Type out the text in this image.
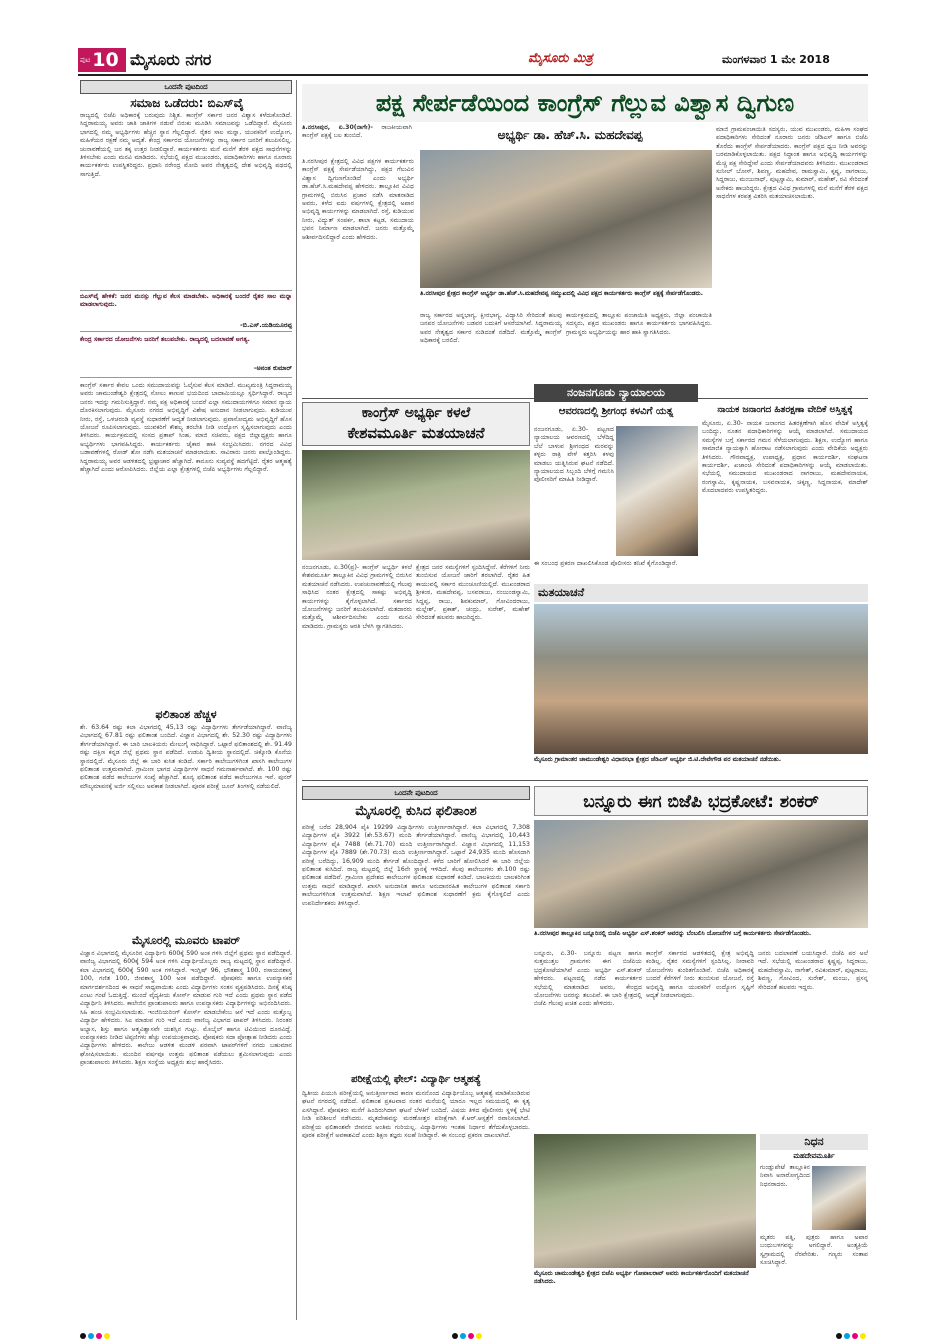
ಪುಟ 10 ಮೈಸೂರು ನಗರ	ಮೈಸೂರು ಮಿತ್ರ	ಮಂಗಳವಾರ 1 ಮೇ 2018
ಒಂದನೇ ಪುಟದಿಂದ
ಸಮಾಜ ಒಡೆದರು: ಬಿಎಸ್‌ವೈ
ರಾಜ್ಯದಲ್ಲಿ ಬಿಜೆಪಿ ಅಧಿಕಾರಕ್ಕೆ ಬರುವುದು ನಿಶ್ಚಿತ. ಕಾಂಗ್ರೆಸ್ ಸರ್ಕಾರ ಜನರ ವಿಶ್ವಾಸ ಕಳೆದುಕೊಂಡಿದೆ. ಸಿದ್ದರಾಮಯ್ಯ ಅವರು ಜಾತಿ ಜಾತಿಗಳ ನಡುವೆ ಬಿರುಕು ಮೂಡಿಸಿ ಸಮಾಜವನ್ನು ಒಡೆದಿದ್ದಾರೆ. ಮೈಸೂರು ಭಾಗದಲ್ಲಿ ನಮ್ಮ ಅಭ್ಯರ್ಥಿಗಳು ಹೆಚ್ಚಿನ ಸ್ಥಾನ ಗೆಲ್ಲಲಿದ್ದಾರೆ. ರೈತರ ಸಾಲ ಮನ್ನಾ, ಯುವಕರಿಗೆ ಉದ್ಯೋಗ, ಮಹಿಳೆಯರ ರಕ್ಷಣೆ ನಮ್ಮ ಆದ್ಯತೆ. ಕೇಂದ್ರ ಸರ್ಕಾರದ ಯೋಜನೆಗಳನ್ನು ರಾಜ್ಯ ಸರ್ಕಾರ ಜನರಿಗೆ ತಲುಪಿಸಲಿಲ್ಲ. ಚುನಾವಣೆಯಲ್ಲಿ ಜನ ತಕ್ಕ ಉತ್ತರ ನೀಡಲಿದ್ದಾರೆ. ಕಾರ್ಯಕರ್ತರು ಮನೆ ಮನೆಗೆ ತೆರಳಿ ಪಕ್ಷದ ಸಾಧನೆಗಳನ್ನು ತಿಳಿಸಬೇಕು ಎಂದು ಮನವಿ ಮಾಡಿದರು. ಸಭೆಯಲ್ಲಿ ಪಕ್ಷದ ಮುಖಂಡರು, ಪದಾಧಿಕಾರಿಗಳು ಹಾಗೂ ನೂರಾರು ಕಾರ್ಯಕರ್ತರು ಉಪಸ್ಥಿತರಿದ್ದರು. ಪ್ರಧಾನಿ ನರೇಂದ್ರ ಮೋದಿ ಅವರ ನೇತೃತ್ವದಲ್ಲಿ ದೇಶ ಅಭಿವೃದ್ಧಿ ಪಥದಲ್ಲಿ ಸಾಗುತ್ತಿದೆ.
ಬಿಎಸ್‌ವೈ ಹೇಳಿಕೆ: ಜನರ ಮನಸ್ಸು ಗೆಲ್ಲುವ ಕೆಲಸ ಮಾಡಬೇಕು. ಅಧಿಕಾರಕ್ಕೆ ಬಂದರೆ ರೈತರ ಸಾಲ ಮನ್ನಾ ಮಾಡಲಾಗುವುದು.
-ಬಿ.ಎಸ್.ಯಡಿಯೂರಪ್ಪ
ಕೇಂದ್ರ ಸರ್ಕಾರದ ಯೋಜನೆಗಳು ಜನರಿಗೆ ತಲುಪಬೇಕು. ರಾಜ್ಯದಲ್ಲಿ ಬದಲಾವಣೆ ಅಗತ್ಯ.
-ಅನಂತ ಕುಮಾರ್
ಕಾಂಗ್ರೆಸ್ ಸರ್ಕಾರ ಕೇವಲ ಒಂದು ಸಮುದಾಯವನ್ನು ಓಲೈಸುವ ಕೆಲಸ ಮಾಡಿದೆ. ಮುಖ್ಯಮಂತ್ರಿ ಸಿದ್ದರಾಮಯ್ಯ ಅವರು ಚಾಮುಂಡೇಶ್ವರಿ ಕ್ಷೇತ್ರದಲ್ಲಿ ಸೋಲು ಕಾಣುವ ಭಯದಿಂದ ಬಾದಾಮಿಯಲ್ಲೂ ಸ್ಪರ್ಧಿಸಿದ್ದಾರೆ. ರಾಜ್ಯದ ಜನರು ಇದನ್ನು ಗಮನಿಸುತ್ತಿದ್ದಾರೆ. ನಮ್ಮ ಪಕ್ಷ ಅಧಿಕಾರಕ್ಕೆ ಬಂದರೆ ಎಲ್ಲಾ ಸಮುದಾಯಗಳಿಗೂ ಸಮಾನ ನ್ಯಾಯ ದೊರಕಿಸಲಾಗುವುದು. ಮೈಸೂರು ನಗರದ ಅಭಿವೃದ್ಧಿಗೆ ವಿಶೇಷ ಅನುದಾನ ನೀಡಲಾಗುವುದು. ಕುಡಿಯುವ ನೀರು, ರಸ್ತೆ, ಒಳಚರಂಡಿ ವ್ಯವಸ್ಥೆ ಸುಧಾರಣೆಗೆ ಆದ್ಯತೆ ನೀಡಲಾಗುವುದು. ಪ್ರವಾಸೋದ್ಯಮ ಅಭಿವೃದ್ಧಿಗೆ ಹೊಸ ಯೋಜನೆ ರೂಪಿಸಲಾಗುವುದು. ಯುವಕರಿಗೆ ಕೌಶಲ್ಯ ತರಬೇತಿ ನೀಡಿ ಉದ್ಯೋಗ ಸೃಷ್ಟಿಸಲಾಗುವುದು ಎಂದು ತಿಳಿಸಿದರು. ಕಾರ್ಯಕ್ರಮದಲ್ಲಿ ಸಂಸದ ಪ್ರತಾಪ್ ಸಿಂಹ, ಮಾಜಿ ಸಚಿವರು, ಪಕ್ಷದ ಜಿಲ್ಲಾಧ್ಯಕ್ಷರು ಹಾಗೂ ಅಭ್ಯರ್ಥಿಗಳು ಭಾಗವಹಿಸಿದ್ದರು. ಕಾರ್ಯಕರ್ತರು ಜೈಕಾರ ಹಾಕಿ ಸಂಭ್ರಮಿಸಿದರು. ನಗರದ ವಿವಿಧ ಬಡಾವಣೆಗಳಲ್ಲಿ ರೋಡ್ ಶೋ ನಡೆಸಿ ಮತಯಾಚನೆ ಮಾಡಲಾಯಿತು. ಸಾವಿರಾರು ಜನರು ಪಾಲ್ಗೊಂಡಿದ್ದರು. ಸಿದ್ದರಾಮಯ್ಯ ಅವರ ಆಡಳಿತದಲ್ಲಿ ಭ್ರಷ್ಟಾಚಾರ ಹೆಚ್ಚಾಗಿದೆ. ಕಾನೂನು ಸುವ್ಯವಸ್ಥೆ ಹದಗೆಟ್ಟಿದೆ. ರೈತರ ಆತ್ಮಹತ್ಯೆ ಹೆಚ್ಚಾಗಿದೆ ಎಂದು ಆರೋಪಿಸಿದರು. ಜಿಲ್ಲೆಯ ಎಲ್ಲಾ ಕ್ಷೇತ್ರಗಳಲ್ಲಿ ಬಿಜೆಪಿ ಅಭ್ಯರ್ಥಿಗಳು ಗೆಲ್ಲಲಿದ್ದಾರೆ.
ಫಲಿತಾಂಶ ಹೆಚ್ಚಳ
ಶೇ. 63.64 ರಷ್ಟು ಕಲಾ ವಿಭಾಗದಲ್ಲಿ 45,13 ರಷ್ಟು ವಿದ್ಯಾರ್ಥಿಗಳು ತೇರ್ಗಡೆಯಾಗಿದ್ದಾರೆ. ವಾಣಿಜ್ಯ ವಿಭಾಗದಲ್ಲಿ 67.81 ರಷ್ಟು ಫಲಿತಾಂಶ ಬಂದಿದೆ. ವಿಜ್ಞಾನ ವಿಭಾಗದಲ್ಲಿ ಶೇ. 52.30 ರಷ್ಟು ವಿದ್ಯಾರ್ಥಿಗಳು ತೇರ್ಗಡೆಯಾಗಿದ್ದಾರೆ. ಈ ಬಾರಿ ಬಾಲಕಿಯರು ಮೇಲುಗೈ ಸಾಧಿಸಿದ್ದಾರೆ. ಒಟ್ಟಾರೆ ಫಲಿತಾಂಶದಲ್ಲಿ ಶೇ. 91.49 ರಷ್ಟು ದಕ್ಷಿಣ ಕನ್ನಡ ಜಿಲ್ಲೆ ಪ್ರಥಮ ಸ್ಥಾನ ಪಡೆದಿದೆ. ಉಡುಪಿ ದ್ವಿತೀಯ ಸ್ಥಾನದಲ್ಲಿದೆ. ಚಿಕ್ಕೋಡಿ ಕೊನೆಯ ಸ್ಥಾನದಲ್ಲಿದೆ. ಮೈಸೂರು ಜಿಲ್ಲೆ ಈ ಬಾರಿ ಕುಸಿತ ಕಂಡಿದೆ. ಸರ್ಕಾರಿ ಕಾಲೇಜುಗಳಿಗಿಂತ ಖಾಸಗಿ ಕಾಲೇಜುಗಳ ಫಲಿತಾಂಶ ಉತ್ತಮವಾಗಿದೆ. ಗ್ರಾಮೀಣ ಭಾಗದ ವಿದ್ಯಾರ್ಥಿಗಳ ಸಾಧನೆ ಗಮನಾರ್ಹವಾಗಿದೆ. ಶೇ. 100 ರಷ್ಟು ಫಲಿತಾಂಶ ಪಡೆದ ಕಾಲೇಜುಗಳ ಸಂಖ್ಯೆ ಹೆಚ್ಚಾಗಿದೆ. ಶೂನ್ಯ ಫಲಿತಾಂಶ ಪಡೆದ ಕಾಲೇಜುಗಳೂ ಇವೆ. ಪುನರ್ ಮೌಲ್ಯಮಾಪನಕ್ಕೆ ಅರ್ಜಿ ಸಲ್ಲಿಸಲು ಅವಕಾಶ ನೀಡಲಾಗಿದೆ. ಪೂರಕ ಪರೀಕ್ಷೆ ಜೂನ್ ತಿಂಗಳಲ್ಲಿ ನಡೆಯಲಿದೆ.
ಮೈಸೂರಲ್ಲಿ ಮೂವರು ಟಾಪರ್
ವಿಜ್ಞಾನ ವಿಭಾಗದಲ್ಲಿ ಮೈಸೂರಿನ ವಿದ್ಯಾರ್ಥಿನಿ 600ಕ್ಕೆ 590 ಅಂಕ ಗಳಿಸಿ ಜಿಲ್ಲೆಗೆ ಪ್ರಥಮ ಸ್ಥಾನ ಪಡೆದಿದ್ದಾರೆ. ವಾಣಿಜ್ಯ ವಿಭಾಗದಲ್ಲಿ 600ಕ್ಕೆ 594 ಅಂಕ ಗಳಿಸಿ ವಿದ್ಯಾರ್ಥಿಯೊಬ್ಬರು ರಾಜ್ಯ ಮಟ್ಟದಲ್ಲಿ ಸ್ಥಾನ ಪಡೆದಿದ್ದಾರೆ. ಕಲಾ ವಿಭಾಗದಲ್ಲಿ 600ಕ್ಕೆ 590 ಅಂಕ ಗಳಿಸಿದ್ದಾರೆ. ಇಂಗ್ಲಿಷ್ 96, ಭೌತಶಾಸ್ತ್ರ 100, ರಸಾಯನಶಾಸ್ತ್ರ 100, ಗಣಿತ 100, ಜೀವಶಾಸ್ತ್ರ 100 ಅಂಕ ಪಡೆದಿದ್ದಾರೆ. ಪೋಷಕರು ಹಾಗೂ ಉಪನ್ಯಾಸಕರ ಮಾರ್ಗದರ್ಶನದಿಂದ ಈ ಸಾಧನೆ ಸಾಧ್ಯವಾಯಿತು ಎಂದು ವಿದ್ಯಾರ್ಥಿಗಳು ಸಂತಸ ವ್ಯಕ್ತಪಡಿಸಿದರು. ದಿನಕ್ಕೆ ಕನಿಷ್ಠ ಎಂಟು ಗಂಟೆ ಓದುತ್ತಿದ್ದೆ. ಮುಂದೆ ವೈದ್ಯಕೀಯ ಕೋರ್ಸ್ ಮಾಡುವ ಗುರಿ ಇದೆ ಎಂದು ಪ್ರಥಮ ಸ್ಥಾನ ಪಡೆದ ವಿದ್ಯಾರ್ಥಿನಿ ತಿಳಿಸಿದರು. ಕಾಲೇಜಿನ ಪ್ರಾಂಶುಪಾಲರು ಹಾಗೂ ಉಪನ್ಯಾಸಕರು ವಿದ್ಯಾರ್ಥಿಗಳನ್ನು ಅಭಿನಂದಿಸಿದರು. ಸಿಹಿ ಹಂಚಿ ಸಂಭ್ರಮಿಸಲಾಯಿತು. ಇಂಜಿನಿಯರಿಂಗ್ ಕೋರ್ಸ್ ಮಾಡಬೇಕೆಂಬ ಆಸೆ ಇದೆ ಎಂದು ಮತ್ತೊಬ್ಬ ವಿದ್ಯಾರ್ಥಿ ಹೇಳಿದರು. ಸಿಎ ಮಾಡುವ ಗುರಿ ಇದೆ ಎಂದು ವಾಣಿಜ್ಯ ವಿಭಾಗದ ಟಾಪರ್ ತಿಳಿಸಿದರು. ನಿರಂತರ ಅಭ್ಯಾಸ, ಶಿಸ್ತು ಹಾಗೂ ಆತ್ಮವಿಶ್ವಾಸವೇ ಯಶಸ್ಸಿನ ಗುಟ್ಟು. ಮೊಬೈಲ್ ಹಾಗೂ ಟಿವಿಯಿಂದ ದೂರವಿದ್ದೆ. ಉಪನ್ಯಾಸಕರು ನೀಡಿದ ಟಿಪ್ಪಣಿಗಳು ಹೆಚ್ಚು ಉಪಯುಕ್ತವಾದವು. ಪೋಷಕರು ಸದಾ ಪ್ರೋತ್ಸಾಹ ನೀಡಿದರು ಎಂದು ವಿದ್ಯಾರ್ಥಿಗಳು ಹೇಳಿದರು. ಕಾಲೇಜು ಆಡಳಿತ ಮಂಡಳಿ ಪರವಾಗಿ ಟಾಪರ್‌ಗಳಿಗೆ ನಗದು ಬಹುಮಾನ ಘೋಷಿಸಲಾಯಿತು. ಮುಂದಿನ ವರ್ಷವೂ ಉತ್ತಮ ಫಲಿತಾಂಶ ಪಡೆಯಲು ಶ್ರಮಿಸಲಾಗುವುದು ಎಂದು ಪ್ರಾಂಶುಪಾಲರು ತಿಳಿಸಿದರು. ಶಿಕ್ಷಣ ಸಂಸ್ಥೆಯ ಅಧ್ಯಕ್ಷರು ಶುಭ ಹಾರೈಸಿದರು.
ಪಕ್ಷ ಸೇರ್ಪಡೆಯಿಂದ ಕಾಂಗ್ರೆಸ್ ಗೆಲ್ಲುವ ವಿಶ್ವಾಸ ದ್ವಿಗುಣ
ತಿ.ನರಸೀಪುರ, ಏ.30(ನಾಗೇ)- ರಾಜಕೀಯವಾಗಿ ಕಾಂಗ್ರೆಸ್ ಪಕ್ಷಕ್ಕೆ ಬಲ ತುಂಬಿದೆ.	ಅಭ್ಯರ್ಥಿ ಡಾ. ಹೆಚ್.ಸಿ. ಮಹದೇವಪ್ಪ
ತಿ.ನರಸೀಪುರ ಕ್ಷೇತ್ರದ ಕಾಂಗ್ರೆಸ್ ಅಭ್ಯರ್ಥಿ ಡಾ.ಹೆಚ್.ಸಿ.ಮಹದೇವಪ್ಪ ಸಮ್ಮುಖದಲ್ಲಿ ವಿವಿಧ ಪಕ್ಷದ ಕಾರ್ಯಕರ್ತರು ಕಾಂಗ್ರೆಸ್ ಪಕ್ಷಕ್ಕೆ ಸೇರ್ಪಡೆಗೊಂಡರು.
ತಿ.ನರಸೀಪುರ ಕ್ಷೇತ್ರದಲ್ಲಿ ವಿವಿಧ ಪಕ್ಷಗಳ ಕಾರ್ಯಕರ್ತರು ಕಾಂಗ್ರೆಸ್ ಪಕ್ಷಕ್ಕೆ ಸೇರ್ಪಡೆಯಾಗಿದ್ದು, ಪಕ್ಷದ ಗೆಲುವಿನ ವಿಶ್ವಾಸ ದ್ವಿಗುಣಗೊಂಡಿದೆ ಎಂದು ಅಭ್ಯರ್ಥಿ ಡಾ.ಹೆಚ್.ಸಿ.ಮಹದೇವಪ್ಪ ಹೇಳಿದರು. ತಾಲ್ಲೂಕಿನ ವಿವಿಧ ಗ್ರಾಮಗಳಲ್ಲಿ ಬಿರುಸಿನ ಪ್ರಚಾರ ನಡೆಸಿ ಮಾತನಾಡಿದ ಅವರು, ಕಳೆದ ಐದು ವರ್ಷಗಳಲ್ಲಿ ಕ್ಷೇತ್ರದಲ್ಲಿ ಅಪಾರ ಅಭಿವೃದ್ಧಿ ಕಾರ್ಯಗಳನ್ನು ಮಾಡಲಾಗಿದೆ. ರಸ್ತೆ, ಕುಡಿಯುವ ನೀರು, ವಿದ್ಯುತ್ ಸಂಪರ್ಕ, ಶಾಲಾ ಕಟ್ಟಡ, ಸಮುದಾಯ ಭವನ ನಿರ್ಮಾಣ ಮಾಡಲಾಗಿದೆ. ಜನರು ಮತ್ತೊಮ್ಮೆ ಆಶೀರ್ವದಿಸಲಿದ್ದಾರೆ ಎಂದು ಹೇಳಿದರು.
ರಾಜ್ಯ ಸರ್ಕಾರದ ಅನ್ನಭಾಗ್ಯ, ಕ್ಷೀರಭಾಗ್ಯ, ವಿದ್ಯಾಸಿರಿ ಸೇರಿದಂತೆ ಹಲವು ಜನಪರ ಯೋಜನೆಗಳು ಬಡವರ ಬದುಕಿಗೆ ಆಸರೆಯಾಗಿವೆ. ಸಿದ್ದರಾಮಯ್ಯ ಅವರ ನೇತೃತ್ವದ ಸರ್ಕಾರ ನುಡಿದಂತೆ ನಡೆದಿದೆ. ಮತ್ತೊಮ್ಮೆ ಕಾಂಗ್ರೆಸ್ ಅಧಿಕಾರಕ್ಕೆ ಬರಲಿದೆ.
ಕಾರ್ಯಕ್ರಮದಲ್ಲಿ ತಾಲ್ಲೂಕು ಪಂಚಾಯಿತಿ ಅಧ್ಯಕ್ಷರು, ಜಿಲ್ಲಾ ಪಂಚಾಯಿತಿ ಸದಸ್ಯರು, ಪಕ್ಷದ ಮುಖಂಡರು ಹಾಗೂ ಕಾರ್ಯಕರ್ತರು ಭಾಗವಹಿಸಿದ್ದರು. ಗ್ರಾಮಸ್ಥರು ಅಭ್ಯರ್ಥಿಯನ್ನು ಹಾರ ಹಾಕಿ ಸ್ವಾಗತಿಸಿದರು.
ಮಾಜಿ ಗ್ರಾಮಪಂಚಾಯಿತಿ ಸದಸ್ಯರು, ಯುವ ಮುಖಂಡರು, ಮಹಿಳಾ ಸಂಘದ ಪದಾಧಿಕಾರಿಗಳು ಸೇರಿದಂತೆ ನೂರಾರು ಜನರು ಜೆಡಿಎಸ್ ಹಾಗೂ ಬಿಜೆಪಿ ತೊರೆದು ಕಾಂಗ್ರೆಸ್ ಸೇರ್ಪಡೆಯಾದರು. ಕಾಂಗ್ರೆಸ್ ಪಕ್ಷದ ಧ್ವಜ ನೀಡಿ ಅವರನ್ನು ಬರಮಾಡಿಕೊಳ್ಳಲಾಯಿತು. ಪಕ್ಷದ ಸಿದ್ಧಾಂತ ಹಾಗೂ ಅಭಿವೃದ್ಧಿ ಕಾರ್ಯಗಳನ್ನು ಮೆಚ್ಚಿ ಪಕ್ಷ ಸೇರಿದ್ದೇವೆ ಎಂದು ಸೇರ್ಪಡೆಯಾದವರು ತಿಳಿಸಿದರು. ಮುಖಂಡರಾದ ಸುನೀಲ್ ಬೋಸ್, ಶಿವಣ್ಣ, ಮಹದೇವ, ರಾಮಸ್ವಾಮಿ, ಕೃಷ್ಣ, ನಾಗರಾಜು, ಸಿದ್ದರಾಜು, ಮಂಜುನಾಥ್, ಪುಟ್ಟಸ್ವಾಮಿ, ಕುಮಾರ್, ಮಹೇಶ್, ರವಿ ಸೇರಿದಂತೆ ಅನೇಕರು ಹಾಜರಿದ್ದರು. ಕ್ಷೇತ್ರದ ವಿವಿಧ ಗ್ರಾಮಗಳಲ್ಲಿ ಮನೆ ಮನೆಗೆ ತೆರಳಿ ಪಕ್ಷದ ಸಾಧನೆಗಳ ಕರಪತ್ರ ವಿತರಿಸಿ ಮತಯಾಚಿಸಲಾಯಿತು.
ಕಾಂಗ್ರೆಸ್ ಅಭ್ಯರ್ಥಿ ಕಳಲೆ
ಕೇಶವಮೂರ್ತಿ ಮತಯಾಚನೆ
ನಂಜನಗೂಡು, ಏ.30(ಪ್ರ)- ಕಾಂಗ್ರೆಸ್ ಅಭ್ಯರ್ಥಿ ಕಳಲೆ ಕೇಶವಮೂರ್ತಿ ತಾಲ್ಲೂಕಿನ ವಿವಿಧ ಗ್ರಾಮಗಳಲ್ಲಿ ಬಿರುಸಿನ ಮತಯಾಚನೆ ನಡೆಸಿದರು. ಉಪಚುನಾವಣೆಯಲ್ಲಿ ಗೆಲುವು ಸಾಧಿಸಿದ ನಂತರ ಕ್ಷೇತ್ರದಲ್ಲಿ ಸಾಕಷ್ಟು ಅಭಿವೃದ್ಧಿ ಕಾರ್ಯಗಳನ್ನು ಕೈಗೊಳ್ಳಲಾಗಿದೆ. ಸರ್ಕಾರದ ಯೋಜನೆಗಳನ್ನು ಜನರಿಗೆ ತಲುಪಿಸಲಾಗಿದೆ. ಮತದಾರರು ಮತ್ತೊಮ್ಮೆ ಆಶೀರ್ವದಿಸಬೇಕು ಎಂದು ಮನವಿ ಮಾಡಿದರು. ಗ್ರಾಮಸ್ಥರು ಆರತಿ ಬೆಳಗಿ ಸ್ವಾಗತಿಸಿದರು.
ಕ್ಷೇತ್ರದ ಜನರ ಸಮಸ್ಯೆಗಳಿಗೆ ಸ್ಪಂದಿಸಿದ್ದೇನೆ. ಕೆರೆಗಳಿಗೆ ನೀರು ತುಂಬಿಸುವ ಯೋಜನೆ ಜಾರಿಗೆ ತರಲಾಗಿದೆ. ರೈತರ ಹಿತ ಕಾಯುವಲ್ಲಿ ಸರ್ಕಾರ ಮುಂಚೂಣಿಯಲ್ಲಿದೆ. ಮುಖಂಡರಾದ ಶ್ರೀಕಂಠ, ಮಹದೇವಪ್ಪ, ಬಸವರಾಜು, ನಂಜುಂಡಸ್ವಾಮಿ, ಸಿದ್ದಪ್ಪ, ರಾಜು, ಶಿವಕುಮಾರ್, ಗೋವಿಂದರಾಜು, ಮಲ್ಲೇಶ್, ಪ್ರಕಾಶ್, ಚಂದ್ರು, ಸುರೇಶ್, ಮಹೇಶ್ ಸೇರಿದಂತೆ ಹಲವರು ಹಾಜರಿದ್ದರು.
ನಂಜನಗೂಡು ನ್ಯಾಯಾಲಯ
ಆವರಣದಲ್ಲಿ ಶ್ರೀಗಂಧ ಕಳವಿಗೆ ಯತ್ನ
ನಂಜನಗೂಡು, ಏ.30- ಪಟ್ಟಣದ ನ್ಯಾಯಾಲಯ ಆವರಣದಲ್ಲಿ ಬೆಳೆದಿದ್ದ ಬೆಲೆ ಬಾಳುವ ಶ್ರೀಗಂಧದ ಮರವನ್ನು ಕಳ್ಳರು ರಾತ್ರಿ ವೇಳೆ ಕತ್ತರಿಸಿ ಕಳವು ಮಾಡಲು ಯತ್ನಿಸಿರುವ ಘಟನೆ ನಡೆದಿದೆ. ನ್ಯಾಯಾಲಯದ ಸಿಬ್ಬಂದಿ ಬೆಳಿಗ್ಗೆ ಗಮನಿಸಿ ಪೊಲೀಸರಿಗೆ ಮಾಹಿತಿ ನೀಡಿದ್ದಾರೆ.
ಈ ಸಂಬಂಧ ಪ್ರಕರಣ ದಾಖಲಿಸಿಕೊಂಡ ಪೊಲೀಸರು ತನಿಖೆ ಕೈಗೊಂಡಿದ್ದಾರೆ.
ನಾಯಕ ಜನಾಂಗದ ಹಿತರಕ್ಷಣಾ ವೇದಿಕೆ ಅಸ್ತಿತ್ವಕ್ಕೆ
ಮೈಸೂರು, ಏ.30- ನಾಯಕ ಜನಾಂಗದ ಹಿತರಕ್ಷಣೆಗಾಗಿ ಹೊಸ ವೇದಿಕೆ ಅಸ್ತಿತ್ವಕ್ಕೆ ಬಂದಿದ್ದು, ನೂತನ ಪದಾಧಿಕಾರಿಗಳನ್ನು ಆಯ್ಕೆ ಮಾಡಲಾಗಿದೆ. ಸಮುದಾಯದ ಸಮಸ್ಯೆಗಳ ಬಗ್ಗೆ ಸರ್ಕಾರದ ಗಮನ ಸೆಳೆಯಲಾಗುವುದು. ಶಿಕ್ಷಣ, ಉದ್ಯೋಗ ಹಾಗೂ ಸಾಮಾಜಿಕ ನ್ಯಾಯಕ್ಕಾಗಿ ಹೋರಾಟ ನಡೆಸಲಾಗುವುದು ಎಂದು ವೇದಿಕೆಯ ಅಧ್ಯಕ್ಷರು ತಿಳಿಸಿದರು. ಗೌರವಾಧ್ಯಕ್ಷ, ಉಪಾಧ್ಯಕ್ಷ, ಪ್ರಧಾನ ಕಾರ್ಯದರ್ಶಿ, ಸಂಘಟನಾ ಕಾರ್ಯದರ್ಶಿ, ಖಜಾಂಚಿ ಸೇರಿದಂತೆ ಪದಾಧಿಕಾರಿಗಳನ್ನು ಆಯ್ಕೆ ಮಾಡಲಾಯಿತು. ಸಭೆಯಲ್ಲಿ ಸಮುದಾಯದ ಮುಖಂಡರಾದ ನಾಗರಾಜು, ಮಹದೇವನಾಯಕ, ರಂಗಸ್ವಾಮಿ, ಕೃಷ್ಣನಾಯಕ, ಬಸವನಾಯಕ, ಚಿಕ್ಕಣ್ಣ, ಸಿದ್ದನಾಯಕ, ಮಾದೇಶ್ ಮೊದಲಾದವರು ಉಪಸ್ಥಿತರಿದ್ದರು.
ಮತಯಾಚನೆ
ಮೈಸೂರು ಗ್ರಾಮಾಂತರ ಚಾಮುಂಡೇಶ್ವರಿ ವಿಧಾನಸಭಾ ಕ್ಷೇತ್ರದ ಜೆಡಿಎಸ್ ಅಭ್ಯರ್ಥಿ ಜಿ.ಟಿ.ದೇವೇಗೌಡ ಪರ ಮತಯಾಚನೆ ನಡೆಯಿತು.
ಒಂದನೇ ಪುಟದಿಂದ
ಮೈಸೂರಲ್ಲಿ ಕುಸಿದ ಫಲಿತಾಂಶ
ಪರೀಕ್ಷೆ ಬರೆದ 28,904 ಪೈಕಿ 19299 ವಿದ್ಯಾರ್ಥಿಗಳು ಉತ್ತೀರ್ಣರಾಗಿದ್ದಾರೆ. ಕಲಾ ವಿಭಾಗದಲ್ಲಿ 7,308 ವಿದ್ಯಾರ್ಥಿಗಳ ಪೈಕಿ 3922 (ಶೇ.53.67) ಮಂದಿ ತೇರ್ಗಡೆಯಾಗಿದ್ದಾರೆ. ವಾಣಿಜ್ಯ ವಿಭಾಗದಲ್ಲಿ 10,443 ವಿದ್ಯಾರ್ಥಿಗಳ ಪೈಕಿ 7488 (ಶೇ.71.70) ಮಂದಿ ಉತ್ತೀರ್ಣರಾಗಿದ್ದಾರೆ. ವಿಜ್ಞಾನ ವಿಭಾಗದಲ್ಲಿ 11,153 ವಿದ್ಯಾರ್ಥಿಗಳ ಪೈಕಿ 7889 (ಶೇ.70.73) ಮಂದಿ ಉತ್ತೀರ್ಣರಾಗಿದ್ದಾರೆ. ಒಟ್ಟಾರೆ 24,935 ಮಂದಿ ಹೊಸದಾಗಿ ಪರೀಕ್ಷೆ ಬರೆದಿದ್ದು, 16,909 ಮಂದಿ ತೇರ್ಗಡೆ ಹೊಂದಿದ್ದಾರೆ. ಕಳೆದ ಬಾರಿಗೆ ಹೋಲಿಸಿದರೆ ಈ ಬಾರಿ ಜಿಲ್ಲೆಯ ಫಲಿತಾಂಶ ಕುಸಿದಿದೆ. ರಾಜ್ಯ ಮಟ್ಟದಲ್ಲಿ ಜಿಲ್ಲೆ 16ನೇ ಸ್ಥಾನಕ್ಕೆ ಇಳಿದಿದೆ. ಕೆಲವು ಕಾಲೇಜುಗಳು ಶೇ.100 ರಷ್ಟು ಫಲಿತಾಂಶ ಪಡೆದಿವೆ. ಗ್ರಾಮೀಣ ಪ್ರದೇಶದ ಕಾಲೇಜುಗಳ ಫಲಿತಾಂಶ ಸುಧಾರಣೆ ಕಂಡಿದೆ. ಬಾಲಕಿಯರು ಬಾಲಕರಿಗಿಂತ ಉತ್ತಮ ಸಾಧನೆ ಮಾಡಿದ್ದಾರೆ. ಖಾಸಗಿ ಅನುದಾನಿತ ಹಾಗೂ ಅನುದಾನರಹಿತ ಕಾಲೇಜುಗಳ ಫಲಿತಾಂಶ ಸರ್ಕಾರಿ ಕಾಲೇಜುಗಳಿಗಿಂತ ಉತ್ತಮವಾಗಿದೆ. ಶಿಕ್ಷಣ ಇಲಾಖೆ ಫಲಿತಾಂಶ ಸುಧಾರಣೆಗೆ ಕ್ರಮ ಕೈಗೊಳ್ಳಲಿದೆ ಎಂದು ಉಪನಿರ್ದೇಶಕರು ತಿಳಿಸಿದ್ದಾರೆ.
ಪರೀಕ್ಷೆಯಲ್ಲಿ ಫೇಲ್: ವಿದ್ಯಾರ್ಥಿ ಆತ್ಮಹತ್ಯೆ
ದ್ವಿತೀಯ ಪಿಯುಸಿ ಪರೀಕ್ಷೆಯಲ್ಲಿ ಅನುತ್ತೀರ್ಣನಾದ ಕಾರಣ ಮನನೊಂದ ವಿದ್ಯಾರ್ಥಿಯೊಬ್ಬ ಆತ್ಮಹತ್ಯೆ ಮಾಡಿಕೊಂಡಿರುವ ಘಟನೆ ನಗರದಲ್ಲಿ ನಡೆದಿದೆ. ಫಲಿತಾಂಶ ಪ್ರಕಟವಾದ ನಂತರ ಮನೆಯಲ್ಲಿ ಯಾರೂ ಇಲ್ಲದ ಸಮಯದಲ್ಲಿ ಈ ಕೃತ್ಯ ಎಸಗಿದ್ದಾನೆ. ಪೋಷಕರು ಮನೆಗೆ ಹಿಂದಿರುಗಿದಾಗ ಘಟನೆ ಬೆಳಕಿಗೆ ಬಂದಿದೆ. ವಿಷಯ ತಿಳಿದ ಪೊಲೀಸರು ಸ್ಥಳಕ್ಕೆ ಭೇಟಿ ನೀಡಿ ಪರಿಶೀಲನೆ ನಡೆಸಿದರು. ಮೃತದೇಹವನ್ನು ಮರಣೋತ್ತರ ಪರೀಕ್ಷೆಗಾಗಿ ಕೆ.ಆರ್.ಆಸ್ಪತ್ರೆಗೆ ರವಾನಿಸಲಾಗಿದೆ. ಪರೀಕ್ಷೆಯ ಫಲಿತಾಂಶವೇ ಜೀವನದ ಅಂತಿಮ ಗುರಿಯಲ್ಲ. ವಿದ್ಯಾರ್ಥಿಗಳು ಇಂತಹ ನಿರ್ಧಾರ ತೆಗೆದುಕೊಳ್ಳಬಾರದು. ಪೂರಕ ಪರೀಕ್ಷೆಗೆ ಅವಕಾಶವಿದೆ ಎಂದು ಶಿಕ್ಷಣ ತಜ್ಞರು ಸಲಹೆ ನೀಡಿದ್ದಾರೆ. ಈ ಸಂಬಂಧ ಪ್ರಕರಣ ದಾಖಲಾಗಿದೆ.
ಬನ್ನೂರು ಈಗ ಬಿಜೆಪಿ ಭದ್ರಕೋಟೆ: ಶಂಕರ್
ತಿ.ನರಸೀಪುರ ತಾಲ್ಲೂಕಿನ ಬನ್ನೂರಿನಲ್ಲಿ ಬಿಜೆಪಿ ಅಭ್ಯರ್ಥಿ ಎಸ್.ಶಂಕರ್ ಅವರನ್ನು ಬೆಂಬಲಿಸಿ ಯೋಜನೆಗಳ ಬಗ್ಗೆ ಕಾರ್ಯಕರ್ತರು ಸೇರ್ಪಡೆಗೊಂಡರು.
ಬನ್ನೂರು, ಏ.30- ಬನ್ನೂರು ಪಟ್ಟಣ ಹಾಗೂ ಸುತ್ತಮುತ್ತಲ ಗ್ರಾಮಗಳು ಈಗ ಬಿಜೆಪಿಯ ಭದ್ರಕೋಟೆಯಾಗಿವೆ ಎಂದು ಅಭ್ಯರ್ಥಿ ಎಸ್.ಶಂಕರ್ ಹೇಳಿದರು. ಪಟ್ಟಣದಲ್ಲಿ ನಡೆದ ಕಾರ್ಯಕರ್ತರ ಸಭೆಯಲ್ಲಿ ಮಾತನಾಡಿದ ಅವರು, ಕೇಂದ್ರದ ಯೋಜನೆಗಳು ಜನರನ್ನು ತಲುಪಿವೆ. ಈ ಬಾರಿ ಕ್ಷೇತ್ರದಲ್ಲಿ ಬಿಜೆಪಿ ಗೆಲುವು ಖಚಿತ ಎಂದು ಹೇಳಿದರು.
ಕಾಂಗ್ರೆಸ್ ಸರ್ಕಾರದ ಆಡಳಿತದಲ್ಲಿ ಕ್ಷೇತ್ರ ಅಭಿವೃದ್ಧಿ ಕಂಡಿಲ್ಲ. ರೈತರ ಸಮಸ್ಯೆಗಳಿಗೆ ಸ್ಪಂದಿಸಿಲ್ಲ. ನೀರಾವರಿ ಯೋಜನೆಗಳು ಕುಂಠಿತಗೊಂಡಿವೆ. ಬಿಜೆಪಿ ಅಧಿಕಾರಕ್ಕೆ ಬಂದರೆ ಕೆರೆಗಳಿಗೆ ನೀರು ತುಂಬಿಸುವ ಯೋಜನೆ, ರಸ್ತೆ ಅಭಿವೃದ್ಧಿ ಹಾಗೂ ಯುವಕರಿಗೆ ಉದ್ಯೋಗ ಸೃಷ್ಟಿಗೆ ಆದ್ಯತೆ ನೀಡಲಾಗುವುದು.
ಜನರು ಬದಲಾವಣೆ ಬಯಸಿದ್ದಾರೆ. ಬಿಜೆಪಿ ಪರ ಅಲೆ ಇದೆ. ಸಭೆಯಲ್ಲಿ ಮುಖಂಡರಾದ ಕೃಷ್ಣಪ್ಪ, ಸಿದ್ದರಾಜು, ಮಹದೇವಸ್ವಾಮಿ, ನಾಗೇಶ್, ರವಿಕುಮಾರ್, ಪುಟ್ಟರಾಜು, ಶಿವಣ್ಣ, ಗೋವಿಂದ, ಸುರೇಶ್, ಮಂಜು, ಪ್ರಸನ್ನ ಸೇರಿದಂತೆ ಹಲವರು ಇದ್ದರು.
ಮೈಸೂರು ಚಾಮುಂಡೇಶ್ವರಿ ಕ್ಷೇತ್ರದ ಬಿಜೆಪಿ ಅಭ್ಯರ್ಥಿ ಗೋಪಾಲರಾವ್ ಅವರು ಕಾರ್ಯಕರ್ತರೊಂದಿಗೆ ಮತಯಾಚನೆ ನಡೆಸಿದರು.
ನಿಧನ
ಮಹದೇವಮೂರ್ತಿ
ಗುಂಡ್ಲುಪೇಟೆ ತಾಲ್ಲೂಕಿನ ನಿವಾಸಿ ಅನಾರೋಗ್ಯದಿಂದ ನಿಧನರಾದರು.
ಮೃತರು ಪತ್ನಿ, ಪುತ್ರರು ಹಾಗೂ ಅಪಾರ ಬಂಧುಬಳಗವನ್ನು ಅಗಲಿದ್ದಾರೆ. ಅಂತ್ಯಕ್ರಿಯೆ ಸ್ವಗ್ರಾಮದಲ್ಲಿ ನೆರವೇರಿತು. ಗಣ್ಯರು ಸಂತಾಪ ಸೂಚಿಸಿದ್ದಾರೆ.
